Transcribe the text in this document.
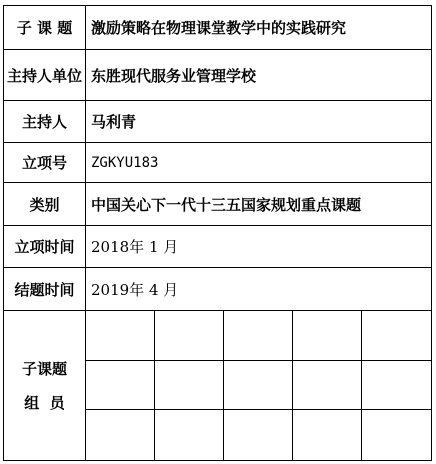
子 课 题	激励策略在物理课堂教学中的实践研究
主持人单位 东胜现代服务业管理学校
主持人	马利青
立项号	ZGKYU183
类别	中国关心下一代十三五国家规划重点课题
立项时间	2018年 1 月
结题时间	2019年 4 月
子课题
组  员
